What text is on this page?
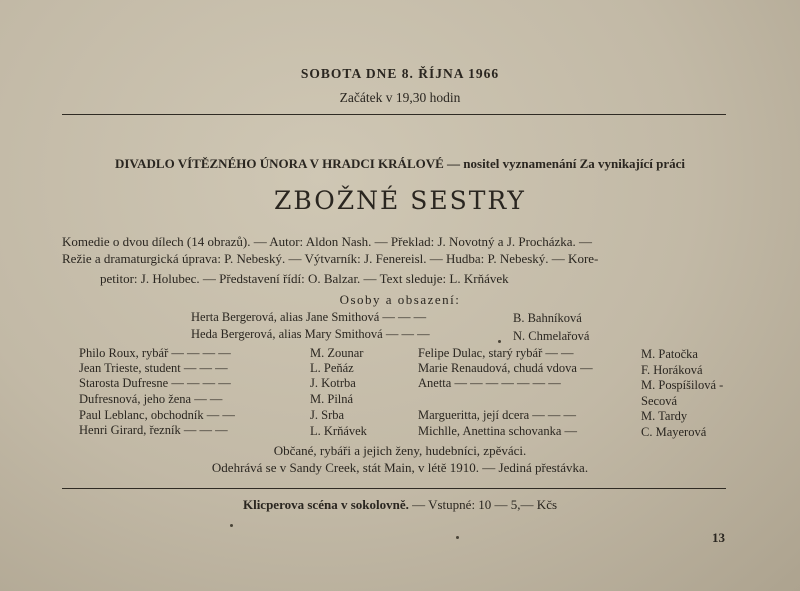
SOBOTA DNE 8. ŘÍJNA 1966
Začátek v 19,30 hodin
DIVADLO VÍTĚZNÉHO ÚNORA V HRADCI KRÁLOVÉ — nositel vyznamenání Za vynikající práci
ZBOŽNÉ SESTRY
Komedie o dvou dílech (14 obrazů). — Autor: Aldon Nash. — Překlad: J. Novotný a J. Procházka. —
Režie a dramaturgická úprava: P. Nebeský. — Výtvarník: J. Fenereisl. — Hudba: P. Nebeský. — Kore-
petitor: J. Holubec. — Představení řídí: O. Balzar. — Text sleduje: L. Krňávek
Osoby a obsazení:
Herta Bergerová, alias Jane Smithová — — —	B. Bahníková
Heda Bergerová, alias Mary Smithová — — —	N. Chmelařová
Philo Roux, rybář — — — —	M. Zounar
Jean Trieste, student — — —	L. Peňáz
Starosta Dufresne — — — —	J. Kotrba
Dufresnová, jeho žena — —	M. Pilná
Paul Leblanc, obchodník — —	J. Srba
Henri Girard, řezník — — —	L. Krňávek
Felipe Dulac, starý rybář — —	M. Patočka
Marie Renaudová, chudá vdova —	F. Horáková
Anetta — — — — — — —	M. Pospíšilová -
Secová
Margueritta, její dcera — — —	M. Tardy
Michlle, Anettina schovanka —	C. Mayerová
Občané, rybáři a jejich ženy, hudebníci, zpěváci.
Odehrává se v Sandy Creek, stát Main, v létě 1910. — Jediná přestávka.
Klicperova scéna v sokolovně. — Vstupné: 10 — 5,— Kčs
13
